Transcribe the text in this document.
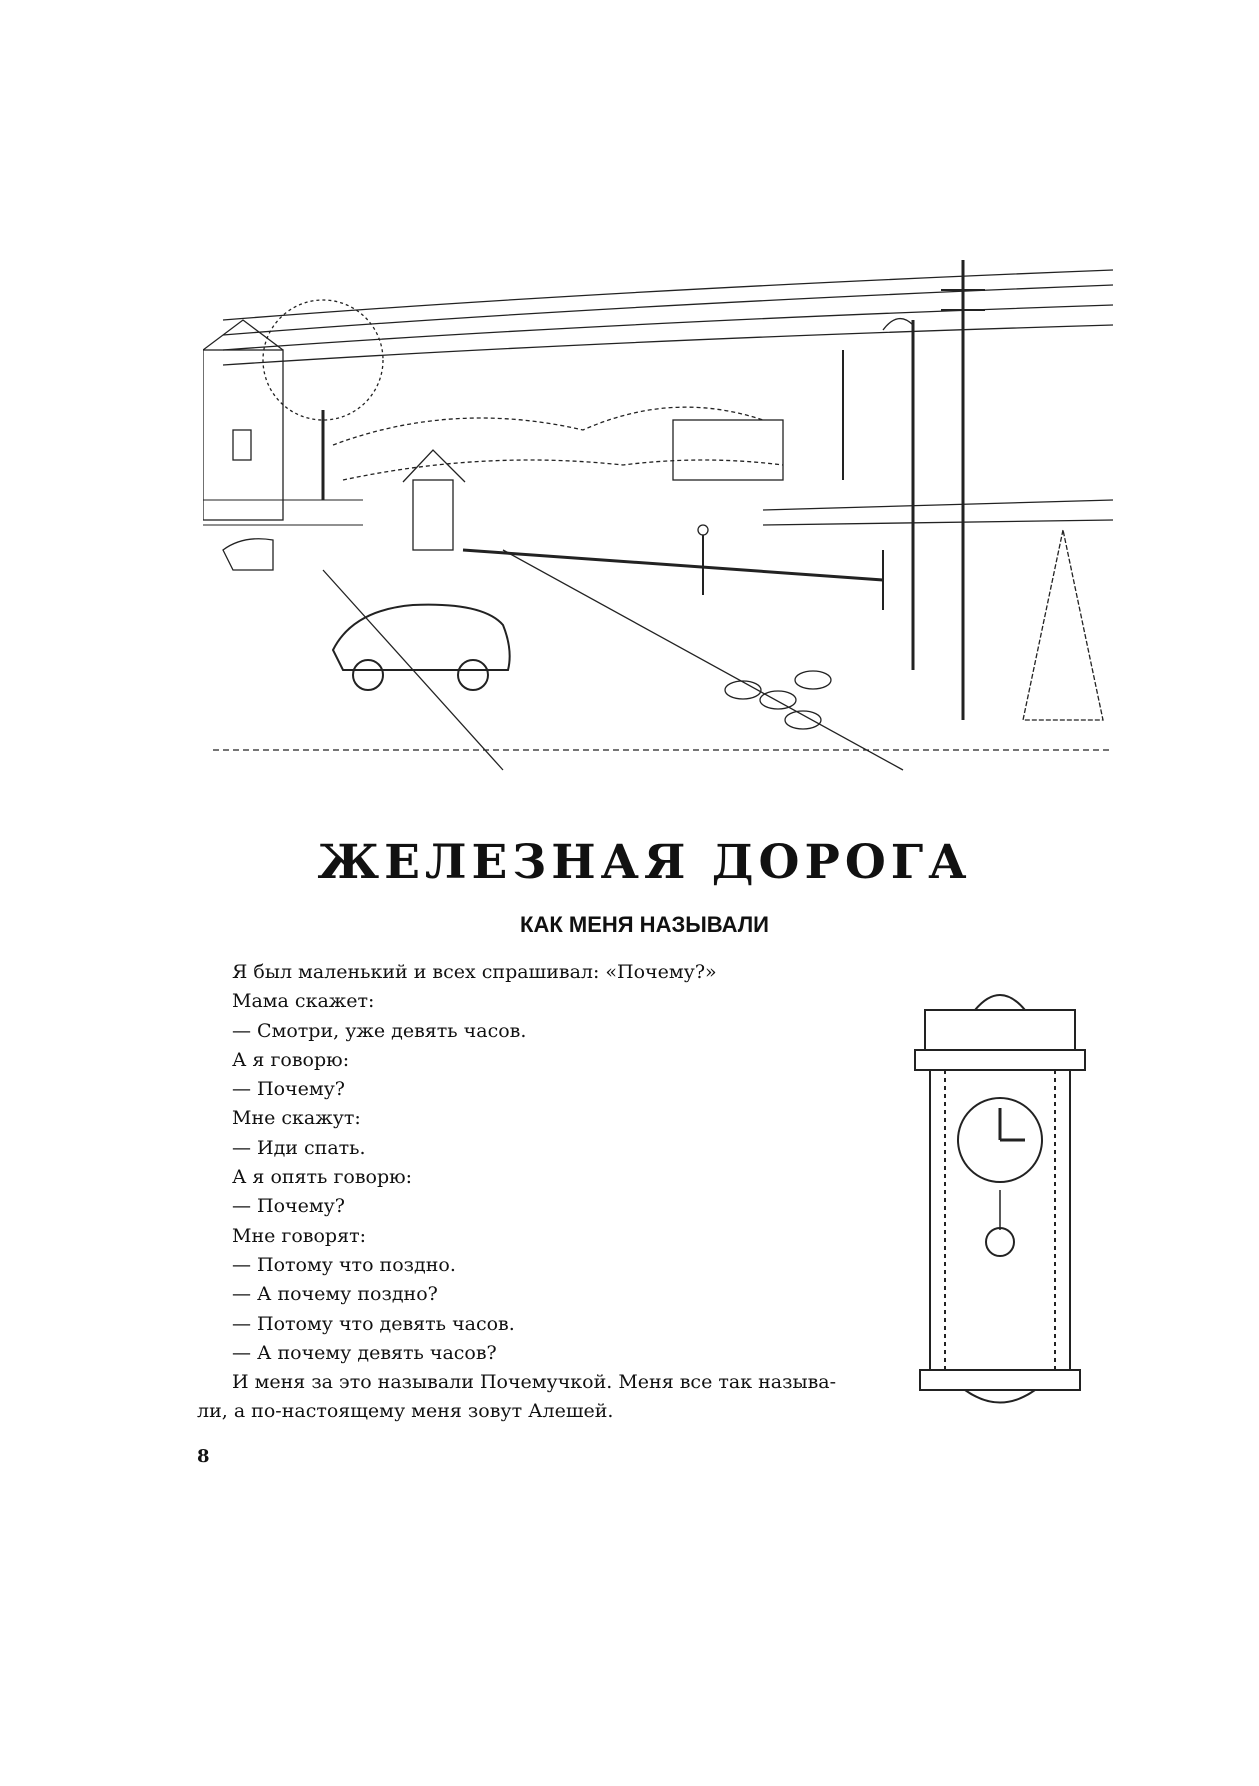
ЖЕЛЕЗНАЯ ДОРОГА
КАК МЕНЯ НАЗЫВАЛИ
Я был маленький и всех спрашивал: «Почему?»
Мама скажет:
— Смотри, уже девять часов.
А я говорю:
— Почему?
Мне скажут:
— Иди спать.
А я опять говорю:
— Почему?
Мне говорят:
— Потому что поздно.
— А почему поздно?
— Потому что девять часов.
— А почему девять часов?
И меня за это называли Почемучкой. Меня все так называ-
ли, а по-настоящему меня зовут Алешей.
8
